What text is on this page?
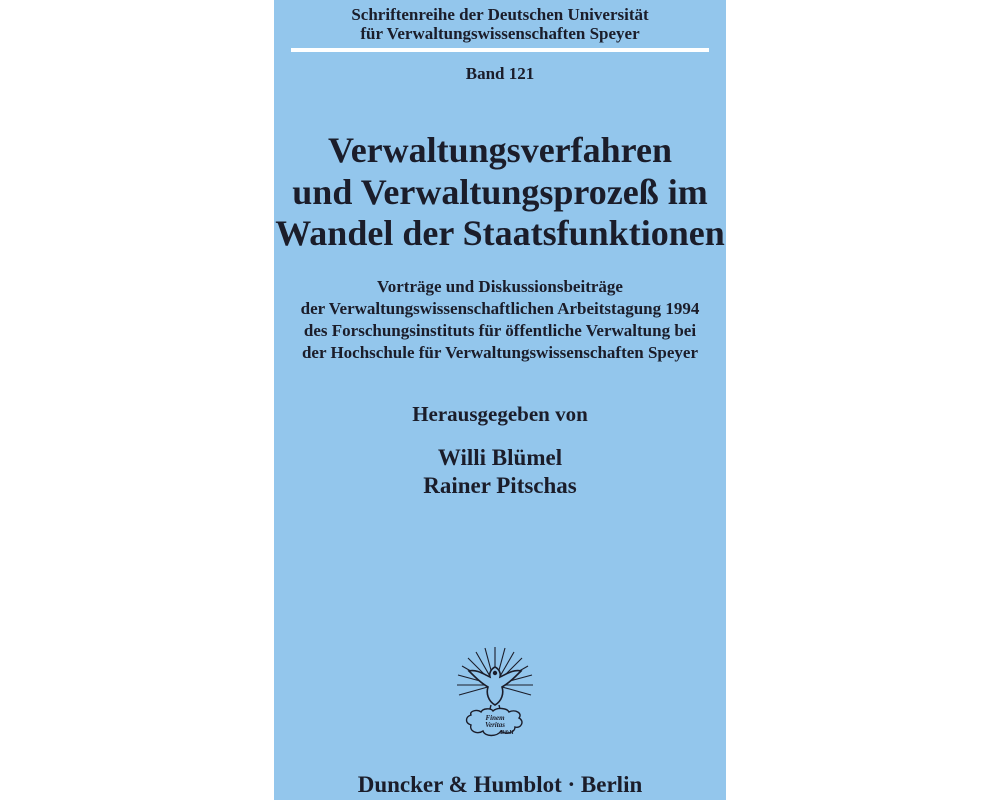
Schriftenreihe der Deutschen Universität
für Verwaltungswissenschaften Speyer
Band 121
Verwaltungsverfahren
und Verwaltungsprozeß im
Wandel der Staatsfunktionen
Vorträge und Diskussionsbeiträge
der Verwaltungswissenschaftlichen Arbeitstagung 1994
des Forschungsinstituts für öffentliche Verwaltung bei
der Hochschule für Verwaltungswissenschaften Speyer
Herausgegeben von
Willi Blümel
Rainer Pitschas
Finem
Veritas
D&H
Duncker & Humblot · Berlin
